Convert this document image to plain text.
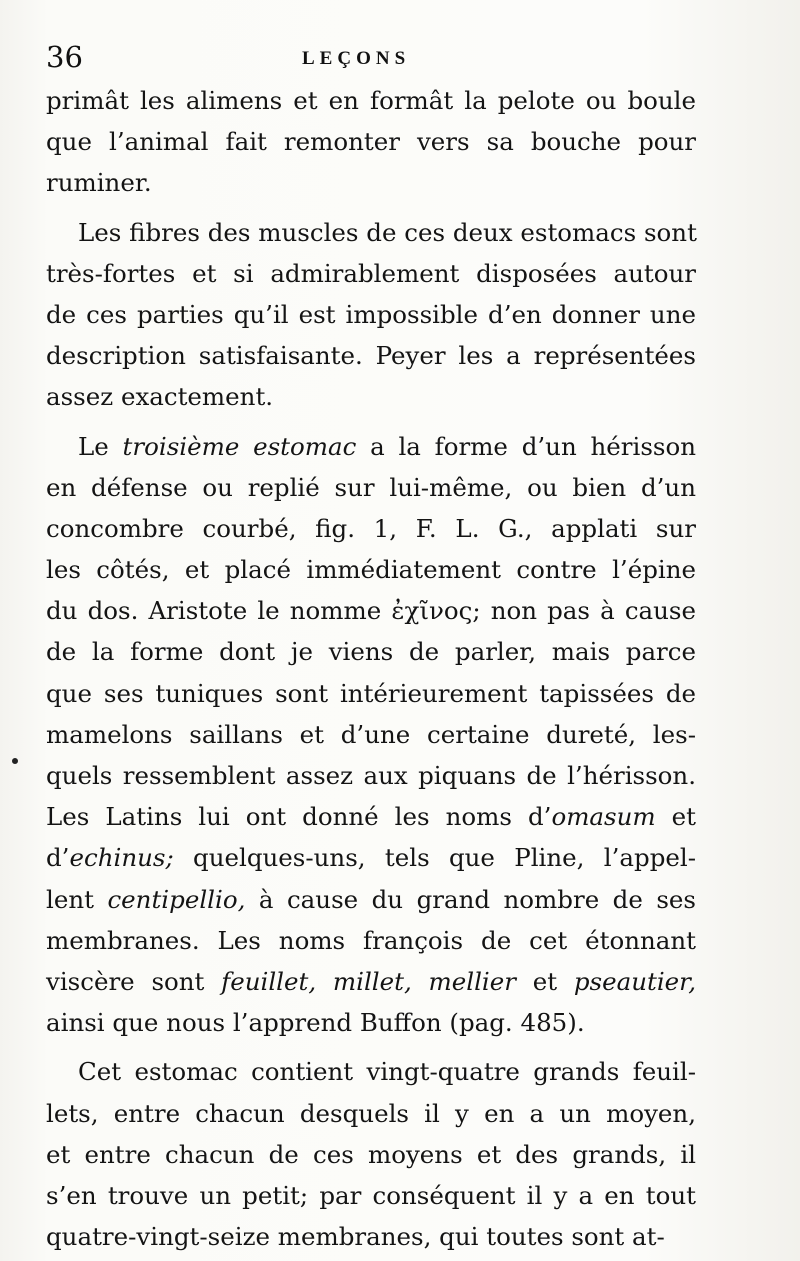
36	LEÇONS
primât les alimens et en formât la pelote ou boule
que l’animal fait remonter vers sa bouche pour
ruminer.
Les fibres des muscles de ces deux estomacs sont
très-fortes et si admirablement disposées autour
de ces parties qu’il est impossible d’en donner une
description satisfaisante. Peyer les a représentées
assez exactement.
Le troisième estomac a la forme d’un hérisson
en défense ou replié sur lui-même, ou bien d’un
concombre courbé, fig. 1, F. L. G., applati sur
les côtés, et placé immédiatement contre l’épine
du dos. Aristote le nomme ἐχῖνος; non pas à cause
de la forme dont je viens de parler, mais parce
que ses tuniques sont intérieurement tapissées de
mamelons saillans et d’une certaine dureté, les-
quels ressemblent assez aux piquans de l’hérisson.
Les Latins lui ont donné les noms d’omasum et
d’echinus; quelques-uns, tels que Pline, l’appel-
lent centipellio, à cause du grand nombre de ses
membranes. Les noms françois de cet étonnant
viscère sont feuillet, millet, mellier et pseautier,
ainsi que nous l’apprend Buffon (pag. 485).
Cet estomac contient vingt-quatre grands feuil-
lets, entre chacun desquels il y en a un moyen,
et entre chacun de ces moyens et des grands, il
s’en trouve un petit; par conséquent il y a en tout
quatre-vingt-seize membranes, qui toutes sont at-
